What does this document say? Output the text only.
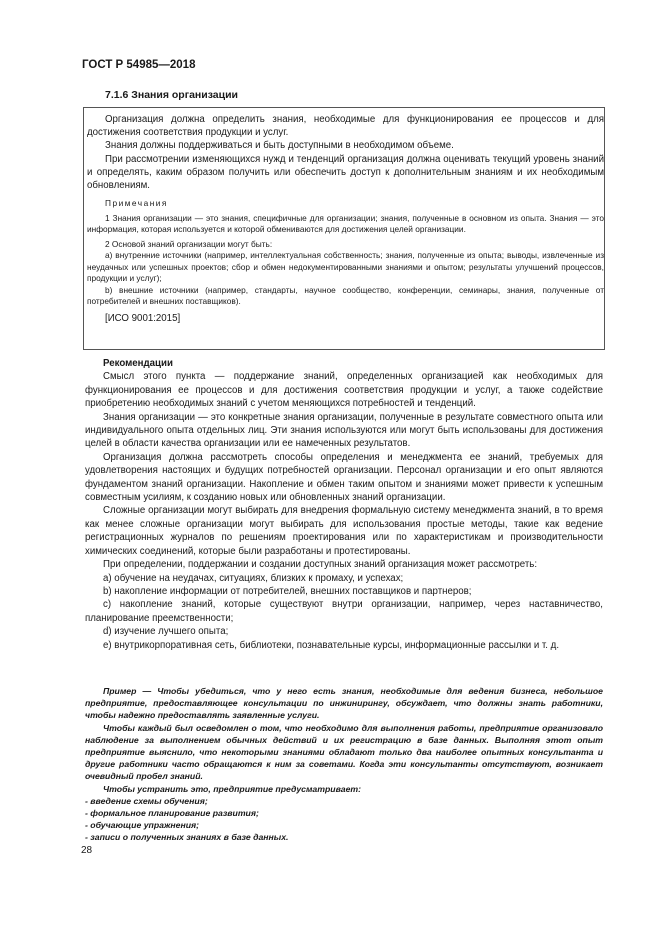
ГОСТ Р 54985—2018
7.1.6 Знания организации

Организация должна определить знания, необходимые для функционирования ее процессов и для достижения соответствия продукции и услуг.

Знания должны поддерживаться и быть доступными в необходимом объеме.

При рассмотрении изменяющихся нужд и тенденций организация должна оценивать текущий уровень знаний и определять, каким образом получить или обеспечить доступ к дополнительным знаниям и их необходимым обновлениям.

Примечания

1 Знания организации — это знания, специфичные для организации; знания, полученные в основном из опыта. Знания — это информация, которая используется и которой обмениваются для достижения целей организации.

2 Основой знаний организации могут быть:

а) внутренние источники (например, интеллектуальная собственность; знания, полученные из опыта; выводы, извлеченные из неудачных или успешных проектов; сбор и обмен недокументированными знаниями и опытом; результаты улучшений процессов, продукции и услуг);

b) внешние источники (например, стандарты, научное сообщество, конференции, семинары, знания, полученные от потребителей и внешних поставщиков).

[ИСО 9001:2015]

Рекомендации

Смысл этого пункта — поддержание знаний, определенных организацией как необходимых для функционирования ее процессов и для достижения соответствия продукции и услуг, а также содействие приобретению необходимых знаний с учетом меняющихся потребностей и тенденций.

Знания организации — это конкретные знания организации, полученные в результате совместного опыта или индивидуального опыта отдельных лиц. Эти знания используются или могут быть использованы для достижения целей в области качества организации или ее намеченных результатов.

Организация должна рассмотреть способы определения и менеджмента ее знаний, требуемых для удовлетворения настоящих и будущих потребностей организации. Персонал организации и его опыт являются фундаментом знаний организации. Накопление и обмен таким опытом и знаниями может привести к успешным совместным усилиям, к созданию новых или обновленных знаний организации.

Сложные организации могут выбирать для внедрения формальную систему менеджмента знаний, в то время как менее сложные организации могут выбирать для использования простые методы, такие как ведение регистрационных журналов по решениям проектирования или по характеристикам и производительности химических соединений, которые были разработаны и протестированы.

При определении, поддержании и создании доступных знаний организация может рассмотреть:

а) обучение на неудачах, ситуациях, близких к промаху, и успехах;

b) накопление информации от потребителей, внешних поставщиков и партнеров;

с) накопление знаний, которые существуют внутри организации, например, через наставничество, планирование преемственности;

d) изучение лучшего опыта;

е) внутрикорпоративная сеть, библиотеки, познавательные курсы, информационные рассылки и т. д.

Пример — Чтобы убедиться, что у него есть знания, необходимые для ведения бизнеса, небольшое предприятие, предоставляющее консультации по инжинирингу, обсуждает, что должны знать работники, чтобы надежно предоставлять заявленные услуги.

Чтобы каждый был осведомлен о том, что необходимо для выполнения работы, предприятие организовало наблюдение за выполнением обычных действий и их регистрацию в базе данных. Выполняя этот опыт предприятие выяснило, что некоторыми знаниями обладают только два наиболее опытных консультанта и другие работники часто обращаются к ним за советами. Когда эти консультанты отсутствуют, возникает очевидный пробел знаний.

Чтобы устранить это, предприятие предусматривает:

- введение схемы обучения;

- формальное планирование развития;

- обучающие упражнения;

- записи о полученных знаниях в базе данных.

28
